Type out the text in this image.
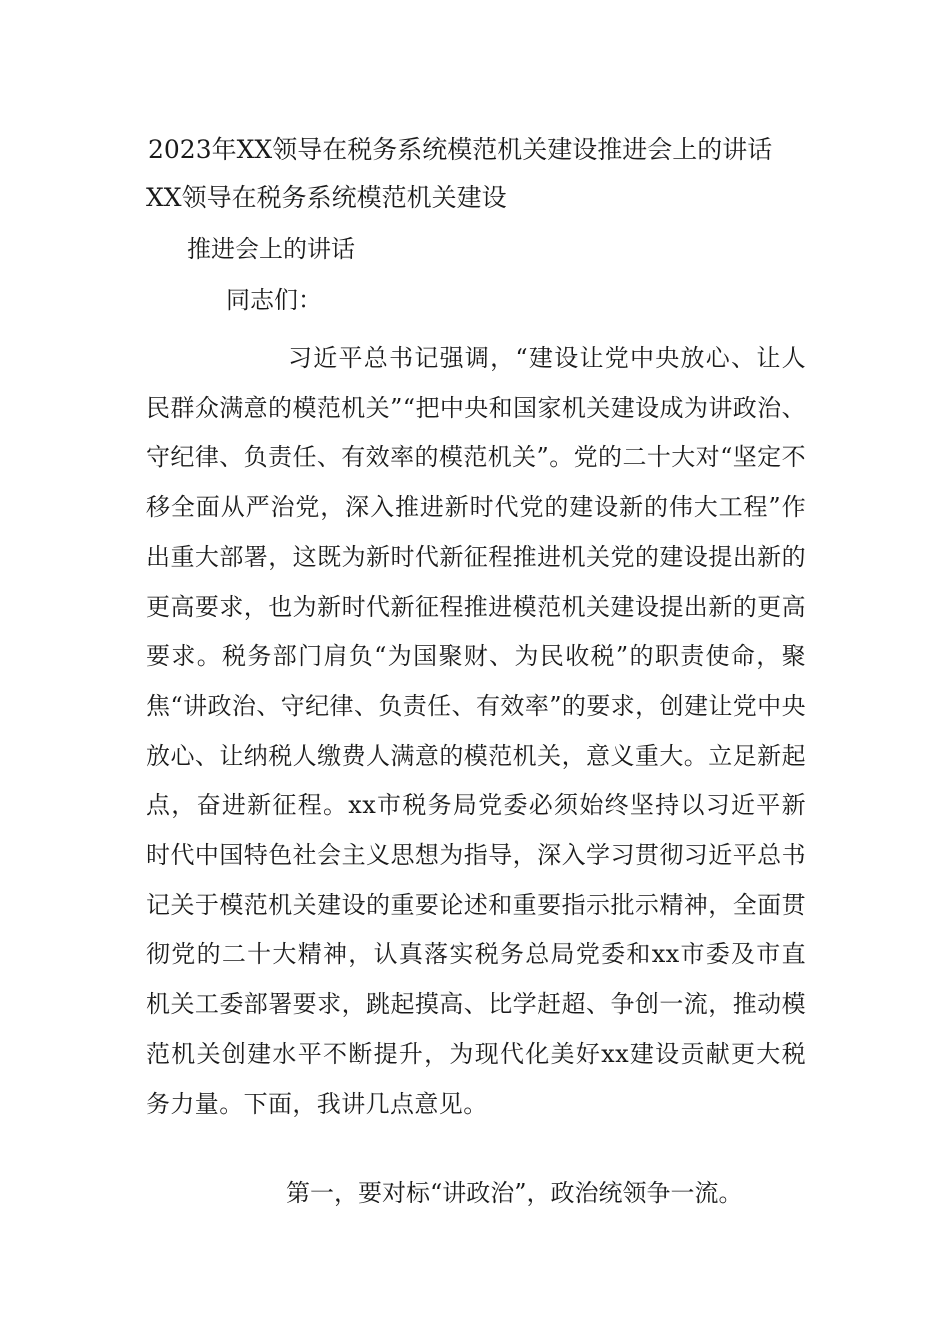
2023年XX领导在税务系统模范机关建设推进会上的讲话
XX领导在税务系统模范机关建设
推进会上的讲话
同志们：

习近平总书记强调，“建设让党中央放心、让人民群众满意的模范机关”“把中央和国家机关建设成为讲政治、守纪律、负责任、有效率的模范机关”。党的二十大对“坚定不移全面从严治党，深入推进新时代党的建设新的伟大工程”作出重大部署，这既为新时代新征程推进机关党的建设提出新的更高要求，也为新时代新征程推进模范机关建设提出新的更高要求。税务部门肩负“为国聚财、为民收税”的职责使命，聚焦“讲政治、守纪律、负责任、有效率”的要求，创建让党中央放心、让纳税人缴费人满意的模范机关，意义重大。立足新起点，奋进新征程。xx市税务局党委必须始终坚持以习近平新时代中国特色社会主义思想为指导，深入学习贯彻习近平总书记关于模范机关建设的重要论述和重要指示批示精神，全面贯彻党的二十大精神，认真落实税务总局党委和xx市委及市直机关工委部署要求，跳起摸高、比学赶超、争创一流，推动模范机关创建水平不断提升，为现代化美好xx建设贡献更大税务力量。下面，我讲几点意见。

第一，要对标“讲政治”，政治统领争一流。
